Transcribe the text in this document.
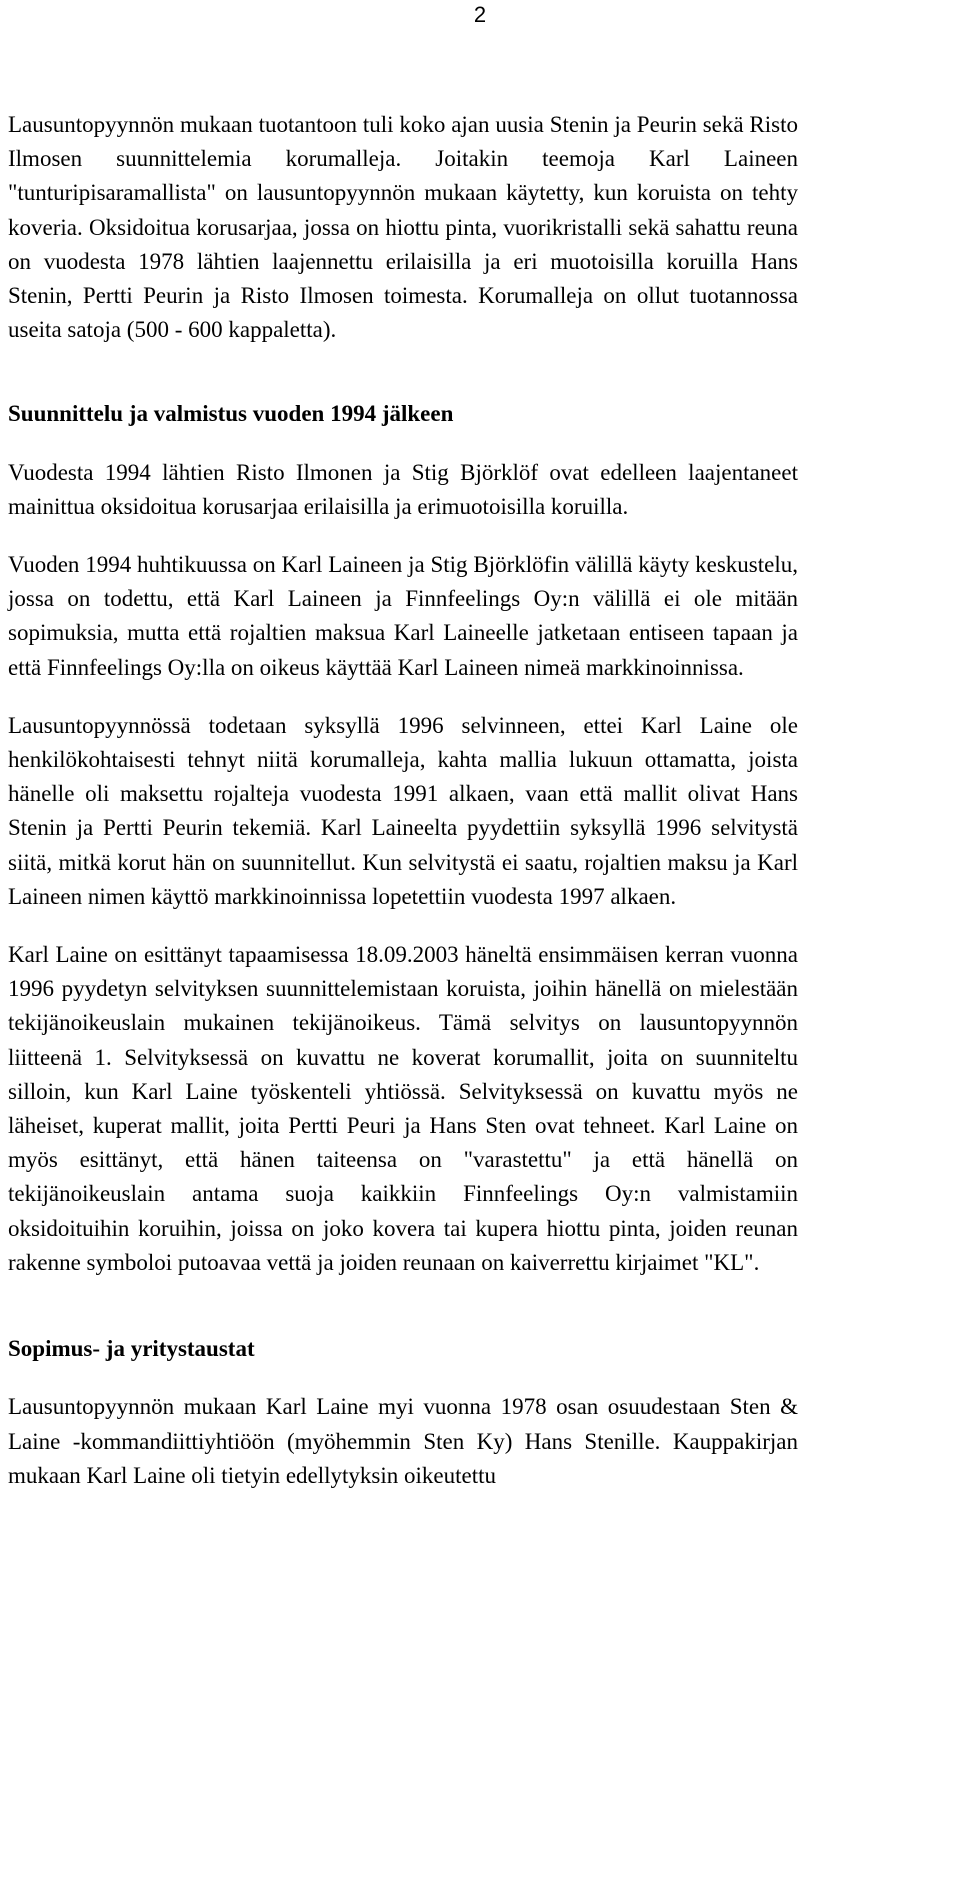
2

Lausuntopyynnön mukaan tuotantoon tuli koko ajan uusia Stenin ja Peurin sekä Risto Ilmosen suunnittelemia korumalleja. Joitakin teemoja Karl Laineen "tunturipisaramallista" on lausuntopyynnön mukaan käytetty, kun koruista on tehty koveria. Oksidoitua korusarjaa, jossa on hiottu pinta, vuorikristalli sekä sahattu reuna on vuodesta 1978 lähtien laajennettu erilaisilla ja eri muotoisilla koruilla Hans Stenin, Pertti Peurin ja Risto Ilmosen toimesta. Korumalleja on ollut tuotannossa useita satoja (500 - 600 kappaletta).

Suunnittelu ja valmistus vuoden 1994 jälkeen

Vuodesta 1994 lähtien Risto Ilmonen ja Stig Björklöf ovat edelleen laajentaneet mainittua oksidoitua korusarjaa erilaisilla ja erimuotoisilla koruilla.

Vuoden 1994 huhtikuussa on Karl Laineen ja Stig Björklöfin välillä käyty keskustelu, jossa on todettu, että Karl Laineen ja Finnfeelings Oy:n välillä ei ole mitään sopimuksia, mutta että rojaltien maksua Karl Laineelle jatketaan entiseen tapaan ja että Finnfeelings Oy:lla on oikeus käyttää Karl Laineen nimeä markkinoinnissa.

Lausuntopyynnössä todetaan syksyllä 1996 selvinneen, ettei Karl Laine ole henkilökohtaisesti tehnyt niitä korumalleja, kahta mallia lukuun ottamatta, joista hänelle oli maksettu rojalteja vuodesta 1991 alkaen, vaan että mallit olivat Hans Stenin ja Pertti Peurin tekemiä. Karl Laineelta pyydettiin syksyllä 1996 selvitystä siitä, mitkä korut hän on suunnitellut. Kun selvitystä ei saatu, rojaltien maksu ja Karl Laineen nimen käyttö markkinoinnissa lopetettiin vuodesta 1997 alkaen.

Karl Laine on esittänyt tapaamisessa 18.09.2003 häneltä ensimmäisen kerran vuonna 1996 pyydetyn selvityksen suunnittelemistaan koruista, joihin hänellä on mielestään tekijänoikeuslain mukainen tekijänoikeus. Tämä selvitys on lausuntopyynnön liitteenä 1. Selvityksessä on kuvattu ne koverat korumallit, joita on suunniteltu silloin, kun Karl Laine työskenteli yhtiössä. Selvityksessä on kuvattu myös ne läheiset, kuperat mallit, joita Pertti Peuri ja Hans Sten ovat tehneet. Karl Laine on myös esittänyt, että hänen taiteensa on "varastettu" ja että hänellä on tekijänoikeuslain antama suoja kaikkiin Finnfeelings Oy:n valmistamiin oksidoituihin koruihin, joissa on joko kovera tai kupera hiottu pinta, joiden reunan rakenne symboloi putoavaa vettä ja joiden reunaan on kaiverrettu kirjaimet "KL".

Sopimus- ja yritystaustat

Lausuntopyynnön mukaan Karl Laine myi vuonna 1978 osan osuudestaan Sten & Laine -kommandiittiyhtiöön (myöhemmin Sten Ky) Hans Stenille. Kauppakirjan mukaan Karl Laine oli tietyin edellytyksin oikeutettu
